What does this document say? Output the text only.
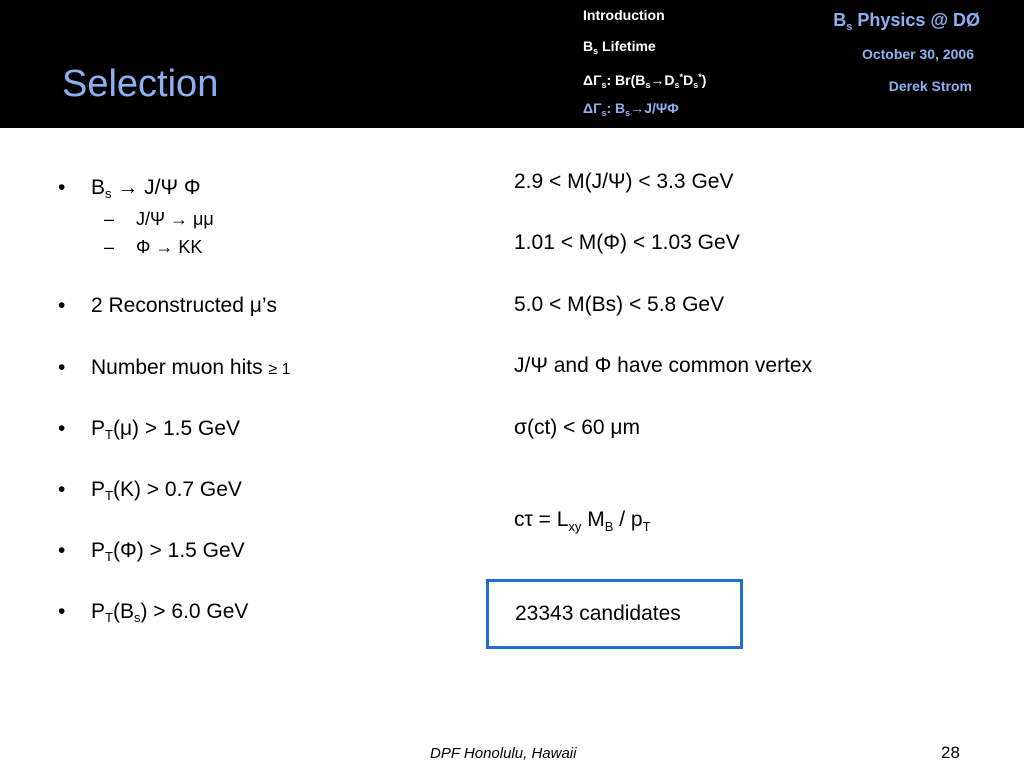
Selection
Introduction
$B_s$ Lifetime
$\Delta\Gamma_s$: $Br(B_s\to D_s^*D_s^*)$
$\Delta\Gamma_s$: $B_s\to J/\Psi\Phi$
$B_s$ Physics @ DØ
October 30, 2006
Derek Strom
• $B_s \to J/\Psi$ Φ
– J/Ψ → μμ
– Φ → KK
• 2 Reconstructed μ’s
• Number muon hits ≥ 1
• $P_T(\mu) > 1.5$ GeV
• $P_T(K) > 0.7$ GeV
• $P_T(\Phi) > 1.5$ GeV
• $P_T(B_s) > 6.0$ GeV
2.9 < M(J/Ψ) < 3.3 GeV
1.01 < M(Φ) < 1.03 GeV
5.0 < M(Bs) < 5.8 GeV
J/Ψ and Φ have common vertex
σ(ct) < 60 μm
$c\tau = L_{xy}$ $M_B / p_T$
23343 candidates
DPF Honolulu, Hawaii	28
